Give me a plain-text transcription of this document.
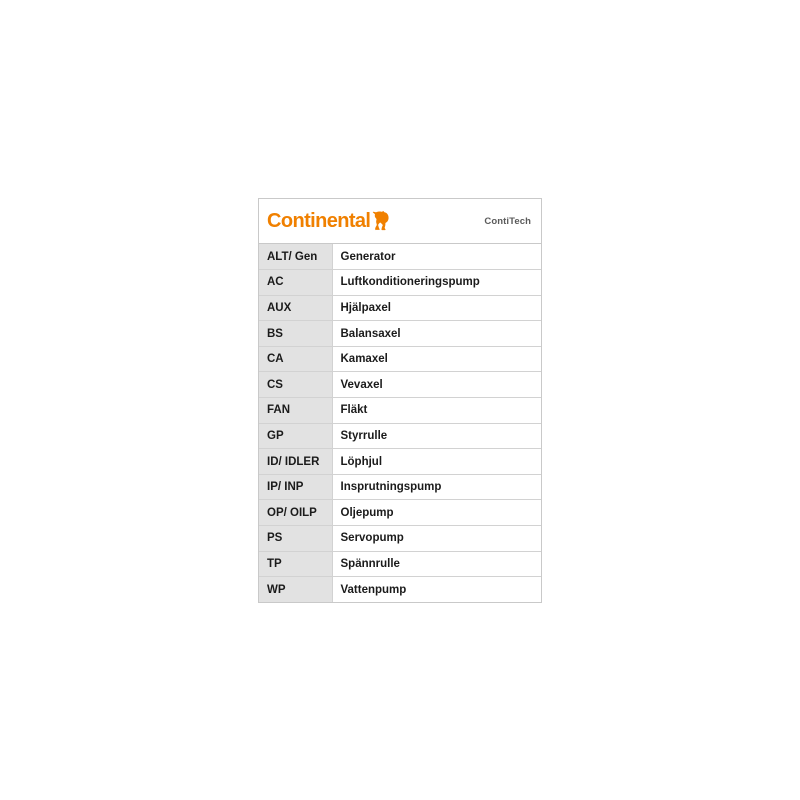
Continental	ContiTech
ALT/ Gen	Generator
AC	Luftkonditioneringspump
AUX	Hjälpaxel
BS	Balansaxel
CA	Kamaxel
CS	Vevaxel
FAN	Fläkt
GP	Styrrulle
ID/ IDLER	Löphjul
IP/ INP	Insprutningspump
OP/ OILP	Oljepump
PS	Servopump
TP	Spännrulle
WP	Vattenpump
